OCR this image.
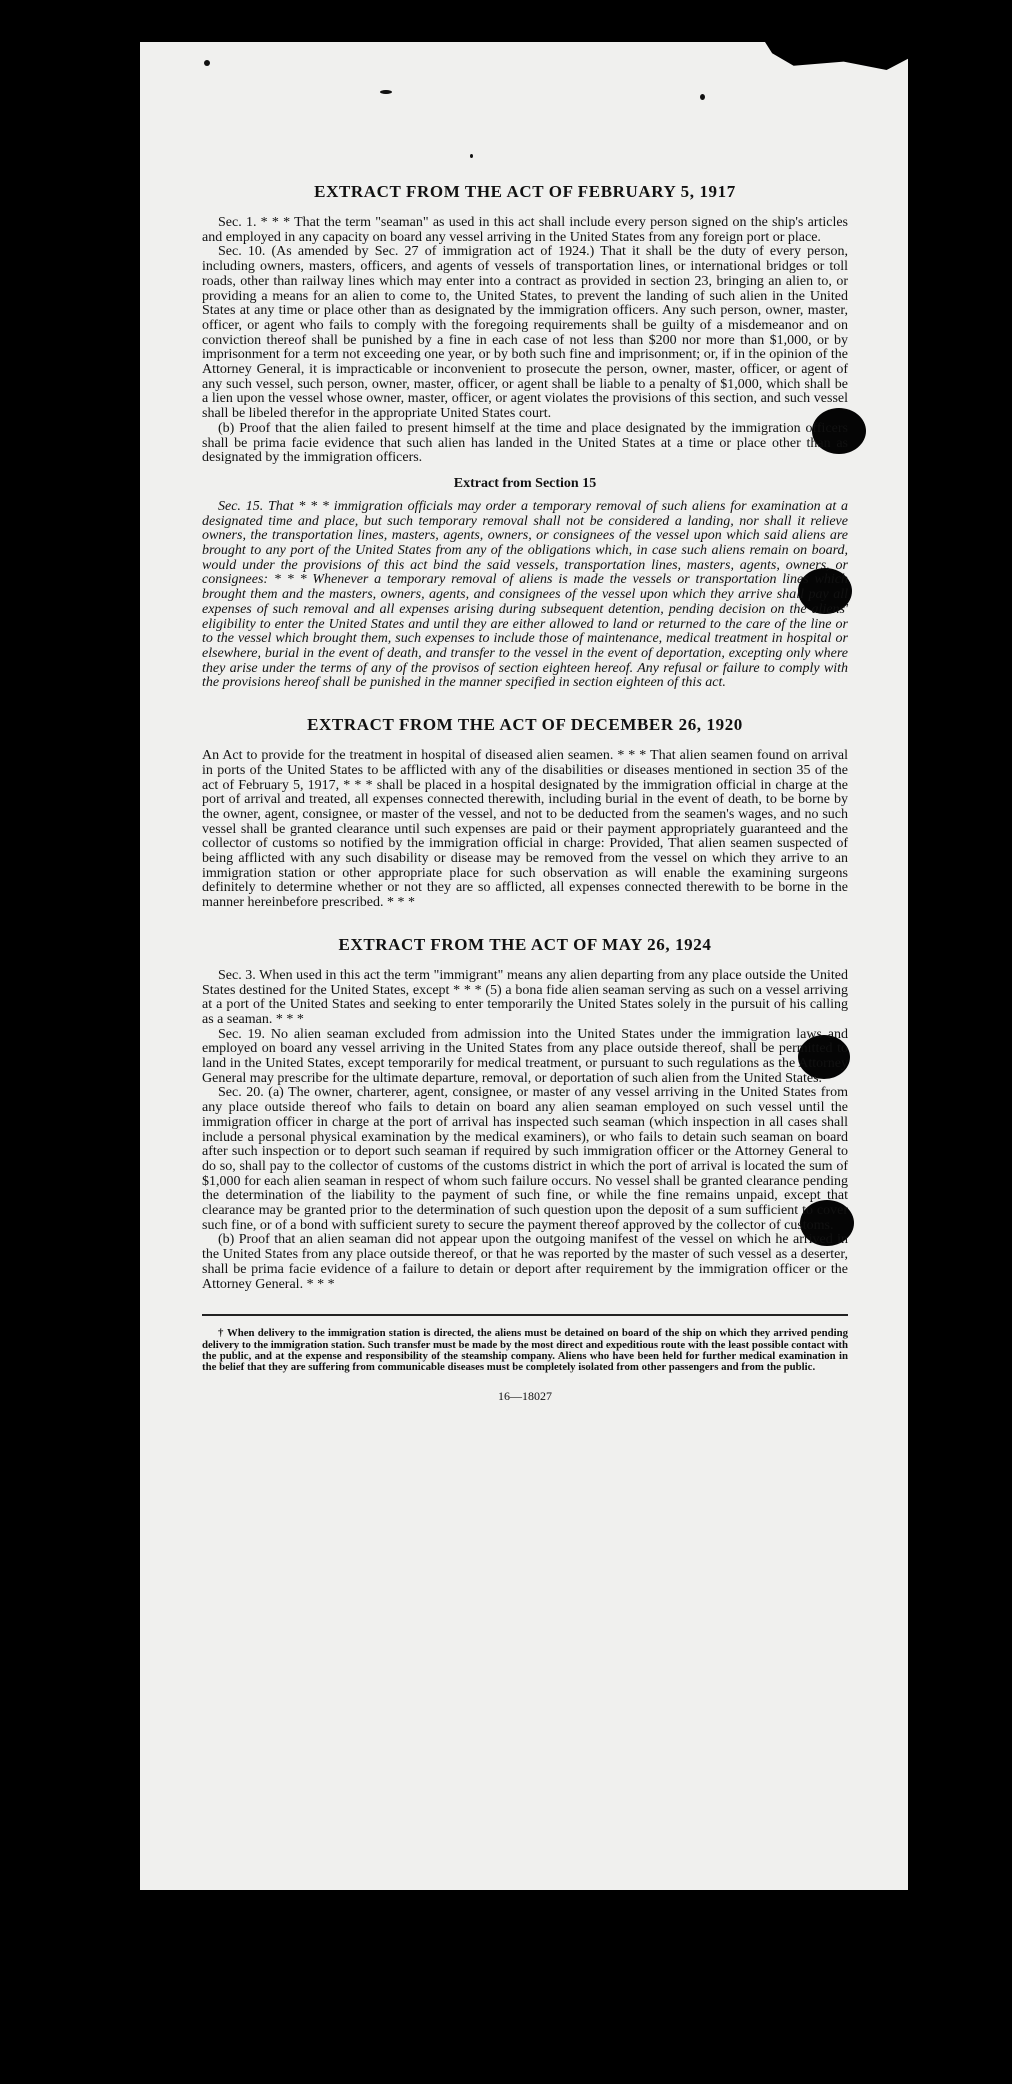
EXTRACT FROM THE ACT OF FEBRUARY 5, 1917

Sec. 1. * * * That the term "seaman" as used in this act shall include every person signed on the ship's articles and employed in any capacity on board any vessel arriving in the United States from any foreign port or place.

Sec. 10. (As amended by Sec. 27 of immigration act of 1924.) That it shall be the duty of every person, including owners, masters, officers, and agents of vessels of transportation lines, or international bridges or toll roads, other than railway lines which may enter into a contract as provided in section 23, bringing an alien to, or providing a means for an alien to come to, the United States, to prevent the landing of such alien in the United States at any time or place other than as designated by the immigration officers. Any such person, owner, master, officer, or agent who fails to comply with the foregoing requirements shall be guilty of a misdemeanor and on conviction thereof shall be punished by a fine in each case of not less than $200 nor more than $1,000, or by imprisonment for a term not exceeding one year, or by both such fine and imprisonment; or, if in the opinion of the Attorney General, it is impracticable or inconvenient to prosecute the person, owner, master, officer, or agent of any such vessel, such person, owner, master, officer, or agent shall be liable to a penalty of $1,000, which shall be a lien upon the vessel whose owner, master, officer, or agent violates the provisions of this section, and such vessel shall be libeled therefor in the appropriate United States court.

(b) Proof that the alien failed to present himself at the time and place designated by the immigration officers shall be prima facie evidence that such alien has landed in the United States at a time or place other than as designated by the immigration officers.

Extract from Section 15

Sec. 15. That * * * immigration officials may order a temporary removal of such aliens for examination at a designated time and place, but such temporary removal shall not be considered a landing, nor shall it relieve owners, the transportation lines, masters, agents, owners, or consignees of the vessel upon which said aliens are brought to any port of the United States from any of the obligations which, in case such aliens remain on board, would under the provisions of this act bind the said vessels, transportation lines, masters, agents, owners, or consignees: * * * Whenever a temporary removal of aliens is made the vessels or transportation lines which brought them and the masters, owners, agents, and consignees of the vessel upon which they arrive shall pay all expenses of such removal and all expenses arising during subsequent detention, pending decision on the aliens' eligibility to enter the United States and until they are either allowed to land or returned to the care of the line or to the vessel which brought them, such expenses to include those of maintenance, medical treatment in hospital or elsewhere, burial in the event of death, and transfer to the vessel in the event of deportation, excepting only where they arise under the terms of any of the provisos of section eighteen hereof. Any refusal or failure to comply with the provisions hereof shall be punished in the manner specified in section eighteen of this act.

EXTRACT FROM THE ACT OF DECEMBER 26, 1920

An Act to provide for the treatment in hospital of diseased alien seamen. * * * That alien seamen found on arrival in ports of the United States to be afflicted with any of the disabilities or diseases mentioned in section 35 of the act of February 5, 1917, * * * shall be placed in a hospital designated by the immigration official in charge at the port of arrival and treated, all expenses connected therewith, including burial in the event of death, to be borne by the owner, agent, consignee, or master of the vessel, and not to be deducted from the seamen's wages, and no such vessel shall be granted clearance until such expenses are paid or their payment appropriately guaranteed and the collector of customs so notified by the immigration official in charge: Provided, That alien seamen suspected of being afflicted with any such disability or disease may be removed from the vessel on which they arrive to an immigration station or other appropriate place for such observation as will enable the examining surgeons definitely to determine whether or not they are so afflicted, all expenses connected therewith to be borne in the manner hereinbefore prescribed. * * *

EXTRACT FROM THE ACT OF MAY 26, 1924

Sec. 3. When used in this act the term "immigrant" means any alien departing from any place outside the United States destined for the United States, except * * * (5) a bona fide alien seaman serving as such on a vessel arriving at a port of the United States and seeking to enter temporarily the United States solely in the pursuit of his calling as a seaman. * * *

Sec. 19. No alien seaman excluded from admission into the United States under the immigration laws and employed on board any vessel arriving in the United States from any place outside thereof, shall be permitted to land in the United States, except temporarily for medical treatment, or pursuant to such regulations as the Attorney General may prescribe for the ultimate departure, removal, or deportation of such alien from the United States.

Sec. 20. (a) The owner, charterer, agent, consignee, or master of any vessel arriving in the United States from any place outside thereof who fails to detain on board any alien seaman employed on such vessel until the immigration officer in charge at the port of arrival has inspected such seaman (which inspection in all cases shall include a personal physical examination by the medical examiners), or who fails to detain such seaman on board after such inspection or to deport such seaman if required by such immigration officer or the Attorney General to do so, shall pay to the collector of customs of the customs district in which the port of arrival is located the sum of $1,000 for each alien seaman in respect of whom such failure occurs. No vessel shall be granted clearance pending the determination of the liability to the payment of such fine, or while the fine remains unpaid, except that clearance may be granted prior to the determination of such question upon the deposit of a sum sufficient to cover such fine, or of a bond with sufficient surety to secure the payment thereof approved by the collector of customs.

(b) Proof that an alien seaman did not appear upon the outgoing manifest of the vessel on which he arrived in the United States from any place outside thereof, or that he was reported by the master of such vessel as a deserter, shall be prima facie evidence of a failure to detain or deport after requirement by the immigration officer or the Attorney General. * * *

† When delivery to the immigration station is directed, the aliens must be detained on board of the ship on which they arrived pending delivery to the immigration station. Such transfer must be made by the most direct and expeditious route with the least possible contact with the public, and at the expense and responsibility of the steamship company. Aliens who have been held for further medical examination in the belief that they are suffering from communicable diseases must be completely isolated from other passengers and from the public.

16—18027
